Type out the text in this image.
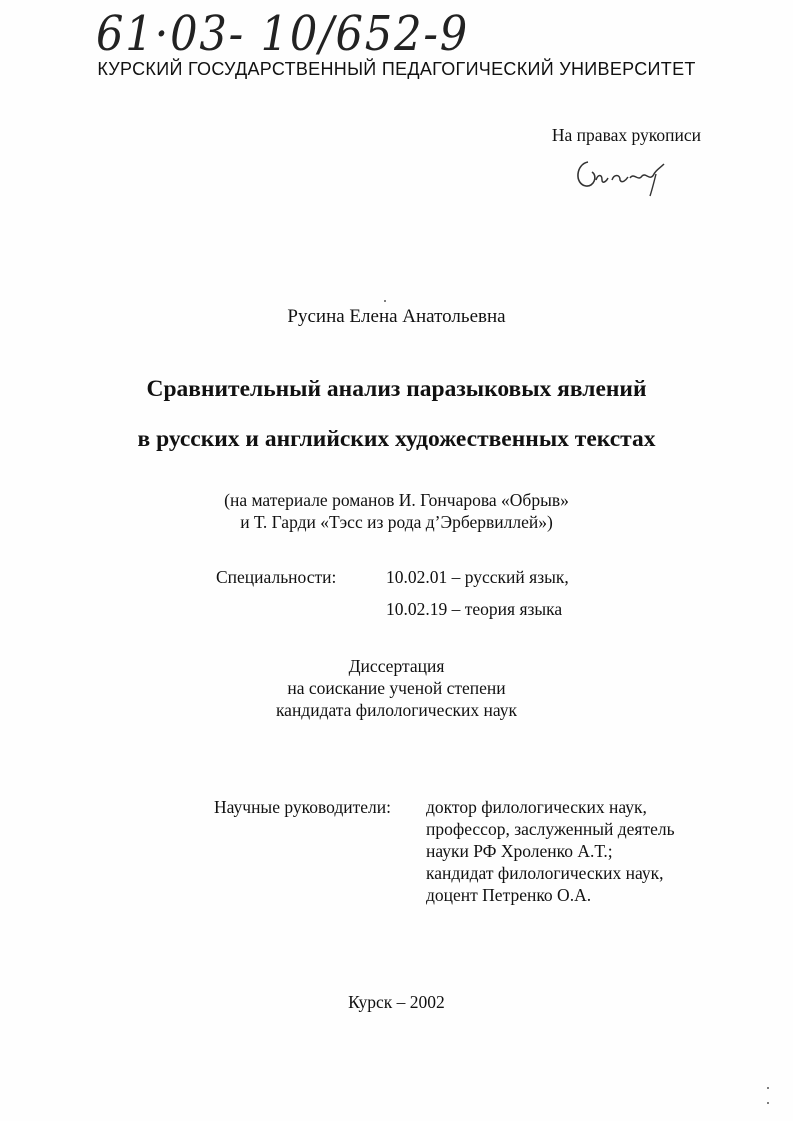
61·03- 10/652-9
КУРСКИЙ ГОСУДАРСТВЕННЫЙ ПЕДАГОГИЧЕСКИЙ УНИВЕРСИТЕТ
На правах рукописи
Русина Елена Анатольевна
Сравнительный анализ паразыковых явлений
в русских и английских художественных текстах
(на материале романов И. Гончарова «Обрыв»
и Т. Гарди «Тэсс из рода д’Эрбервиллей»)
Специальности:	10.02.01 – русский язык,
10.02.19 – теория языка
Диссертация
на соискание ученой степени
кандидата филологических наук
Научные руководители: доктор филологических наук,
профессор, заслуженный деятель
науки РФ Хроленко А.Т.;
кандидат филологических наук,
доцент Петренко О.А.
Курск – 2002
